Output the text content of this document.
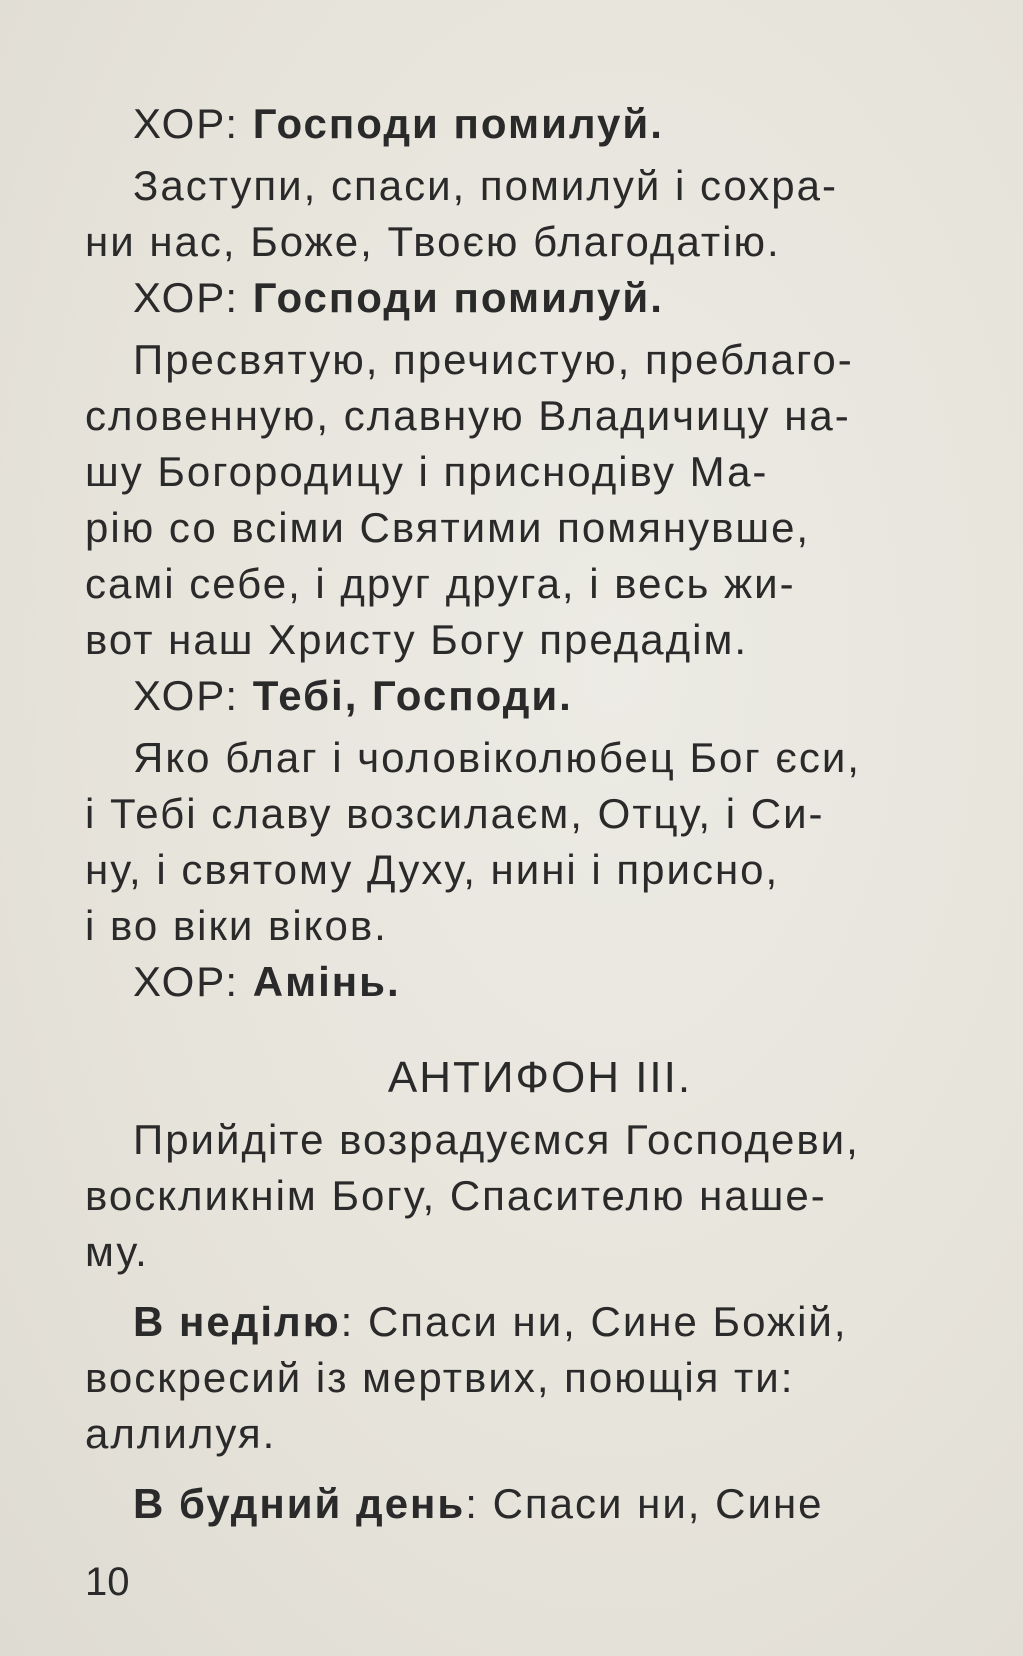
ХОР: Господи помилуй.
Заступи, спаси, помилуй і сохра-
ни нас, Боже, Твоєю благодатію.
ХОР: Господи помилуй.
Пресвятую, пречистую, преблаго-
словенную, славную Владичицу на-
шу Богородицу і приснодіву Ма-
рію со всіми Святими помянувше,
самі себе, і друг друга, і весь жи-
вот наш Христу Богу предадім.
ХОР: Тебі, Господи.
Яко благ і чоловіколюбец Бог єси,
і Тебі славу возсилаєм, Отцу, і Си-
ну, і святому Духу, нині і присно,
і во віки віков.
ХОР: Амінь.
АНТИФОН III.
Прийдіте возрадуємся Господеви,
воскликнім Богу, Спасителю наше-
му.
В неділю: Спаси ни, Сине Божій,
воскресий із мертвих, поющія ти:
аллилуя.
В будний день: Спаси ни, Сине
10
